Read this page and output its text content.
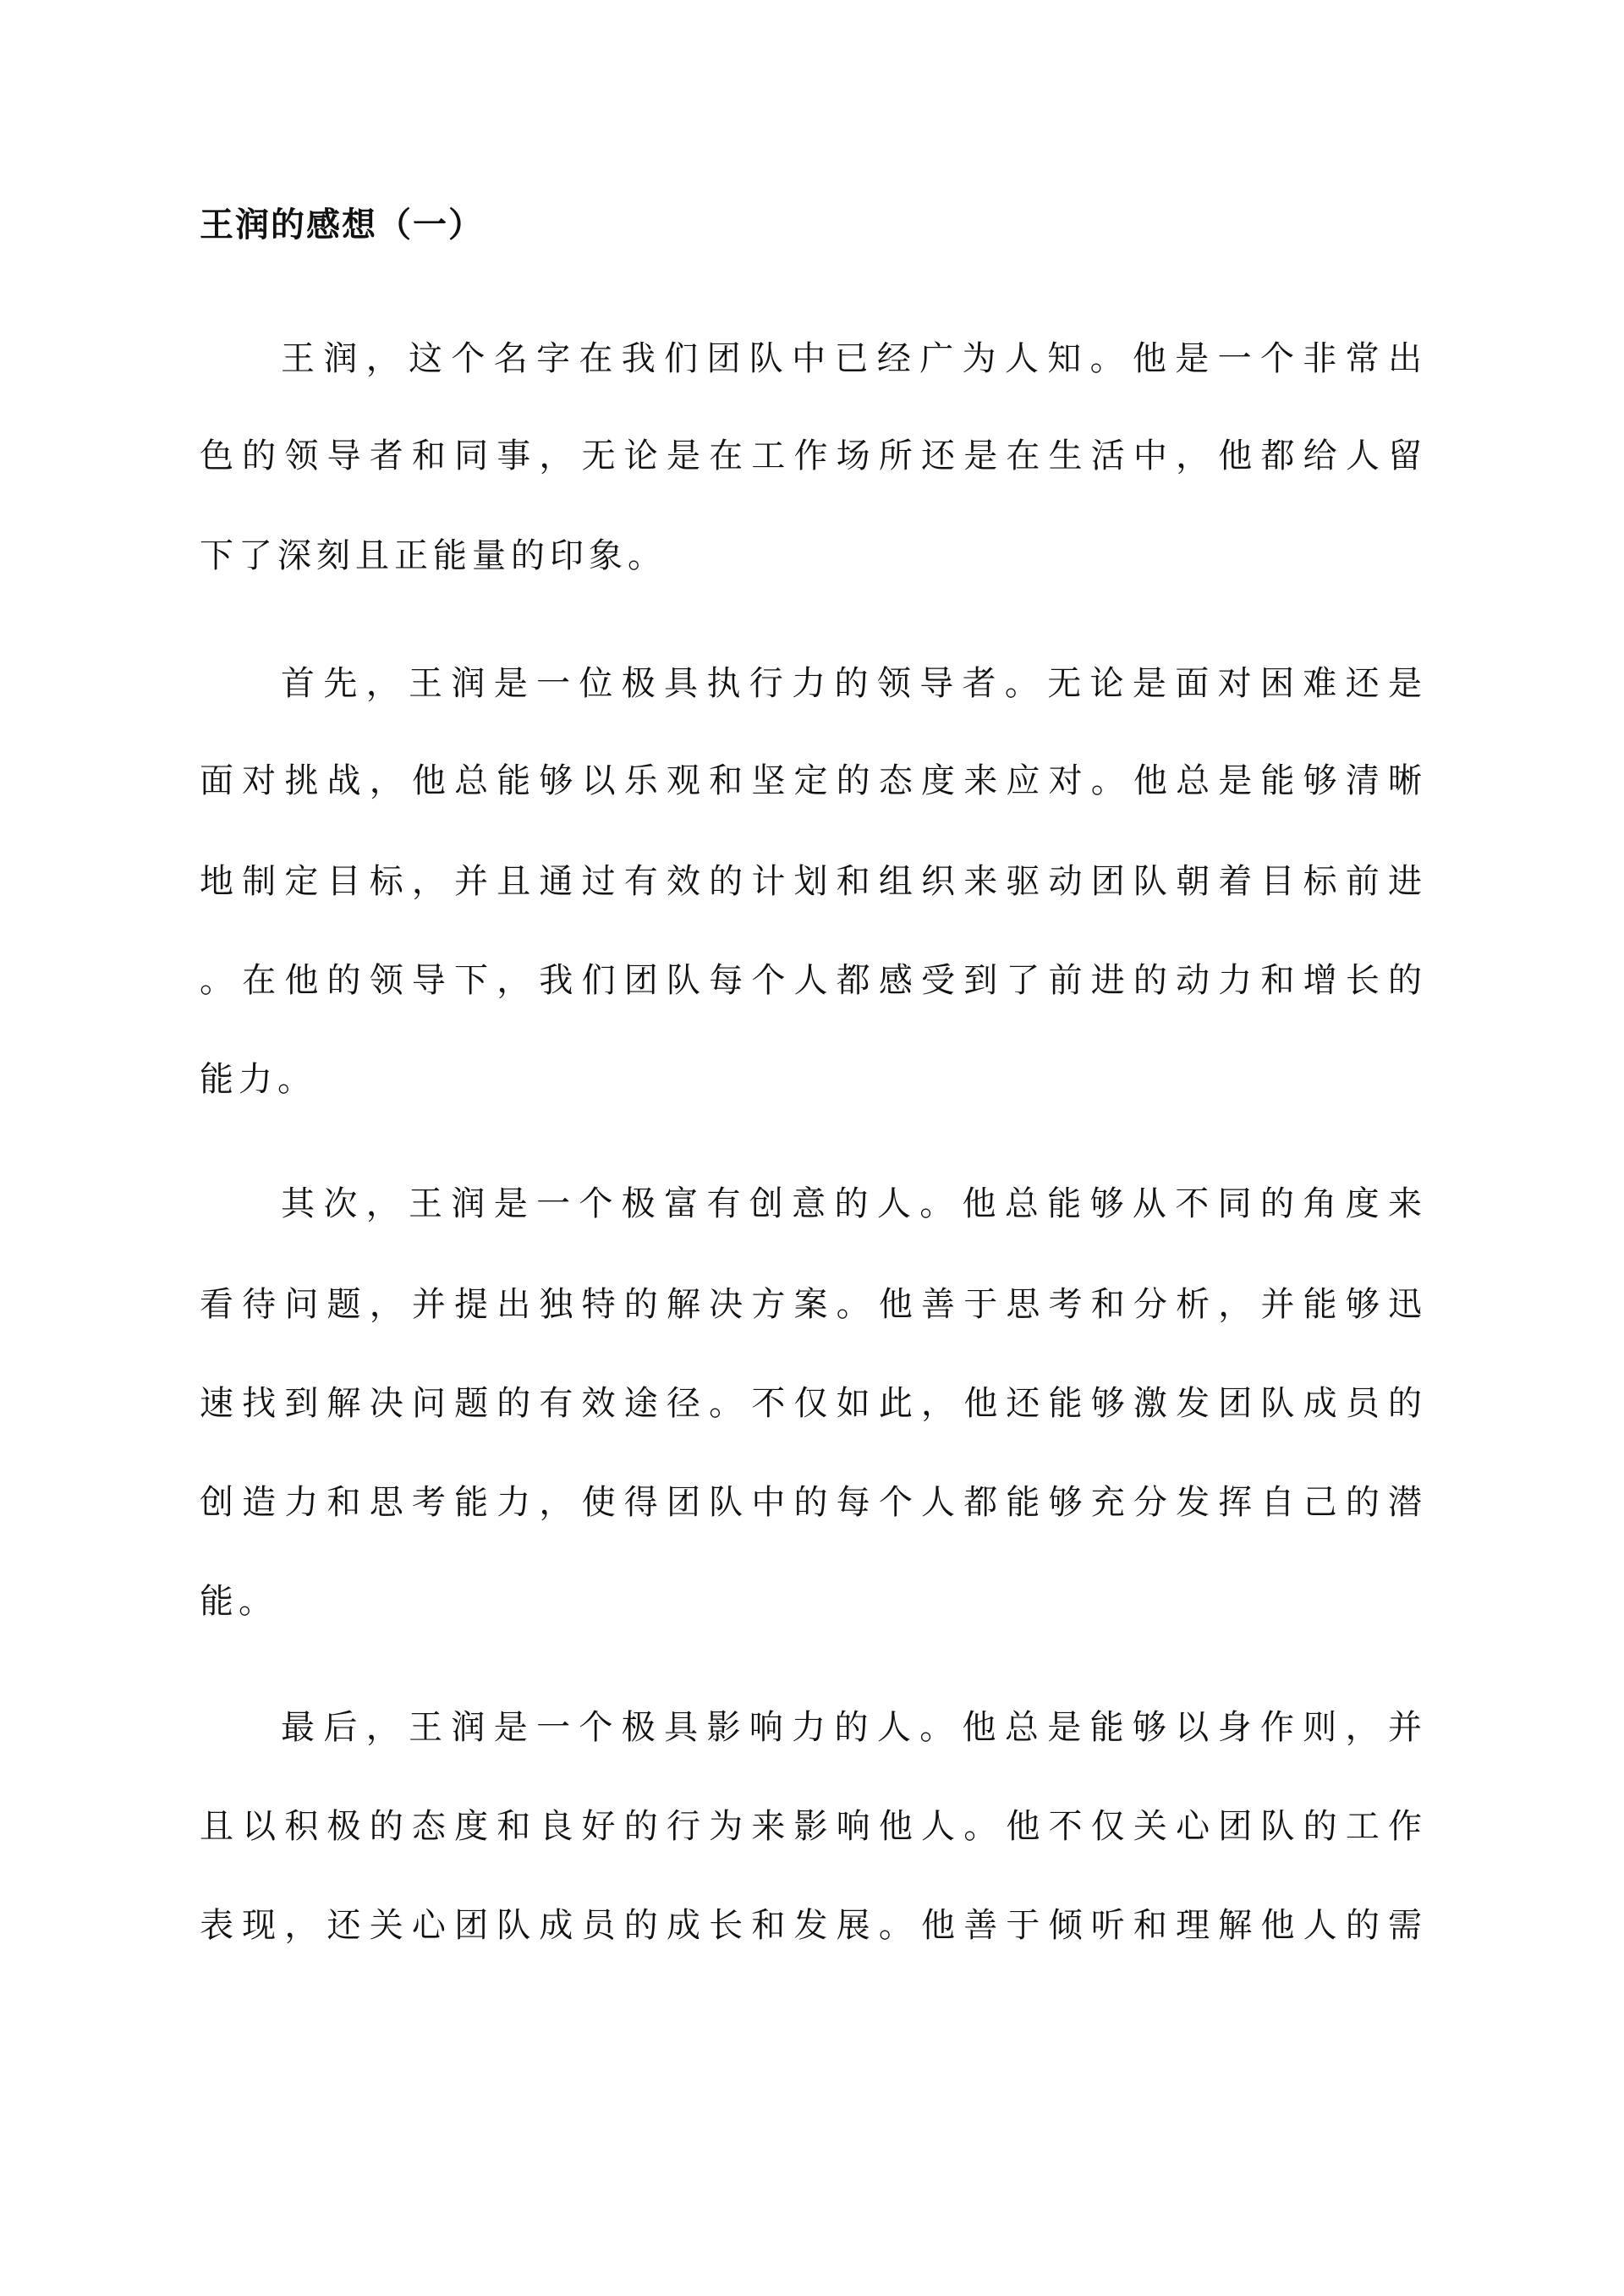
王润的感想（一）

王润，这个名字在我们团队中已经广为人知。他是一个非常出

色的领导者和同事，无论是在工作场所还是在生活中，他都给人留

下了深刻且正能量的印象。

首先，王润是一位极具执行力的领导者。无论是面对困难还是

面对挑战，他总能够以乐观和坚定的态度来应对。他总是能够清晰

地制定目标，并且通过有效的计划和组织来驱动团队朝着目标前进

。在他的领导下，我们团队每个人都感受到了前进的动力和增长的

能力。

其次，王润是一个极富有创意的人。他总能够从不同的角度来

看待问题，并提出独特的解决方案。他善于思考和分析，并能够迅

速找到解决问题的有效途径。不仅如此，他还能够激发团队成员的

创造力和思考能力，使得团队中的每个人都能够充分发挥自己的潜

能。

最后，王润是一个极具影响力的人。他总是能够以身作则，并

且以积极的态度和良好的行为来影响他人。他不仅关心团队的工作

表现，还关心团队成员的成长和发展。他善于倾听和理解他人的需
